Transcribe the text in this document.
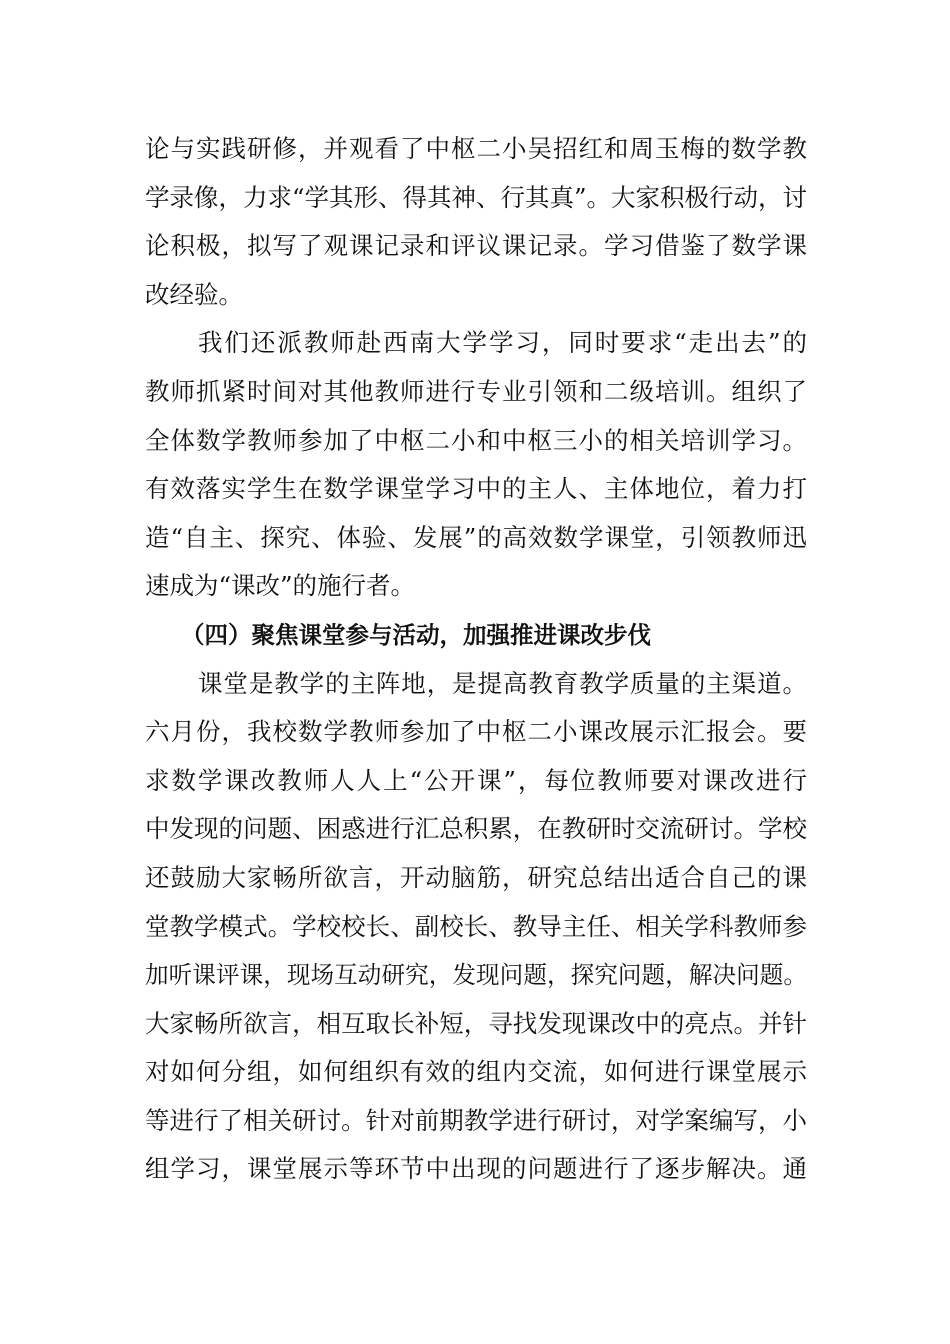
论与实践研修，并观看了中枢二小吴招红和周玉梅的数学教
学录像，力求“学其形、得其神、行其真”。大家积极行动，讨
论积极，拟写了观课记录和评议课记录。学习借鉴了数学课
改经验。
我们还派教师赴西南大学学习，同时要求“走出去”的
教师抓紧时间对其他教师进行专业引领和二级培训。组织了
全体数学教师参加了中枢二小和中枢三小的相关培训学习。
有效落实学生在数学课堂学习中的主人、主体地位，着力打
造“自主、探究、体验、发展”的高效数学课堂，引领教师迅
速成为“课改”的施行者。
（四）聚焦课堂参与活动，加强推进课改步伐
课堂是教学的主阵地，是提高教育教学质量的主渠道。
六月份，我校数学教师参加了中枢二小课改展示汇报会。要
求数学课改教师人人上“公开课”，每位教师要对课改进行
中发现的问题、困惑进行汇总积累，在教研时交流研讨。学校
还鼓励大家畅所欲言，开动脑筋，研究总结出适合自己的课
堂教学模式。学校校长、副校长、教导主任、相关学科教师参
加听课评课，现场互动研究，发现问题，探究问题，解决问题。
大家畅所欲言，相互取长补短，寻找发现课改中的亮点。并针
对如何分组，如何组织有效的组内交流，如何进行课堂展示
等进行了相关研讨。针对前期教学进行研讨，对学案编写，小
组学习，课堂展示等环节中出现的问题进行了逐步解决。通
